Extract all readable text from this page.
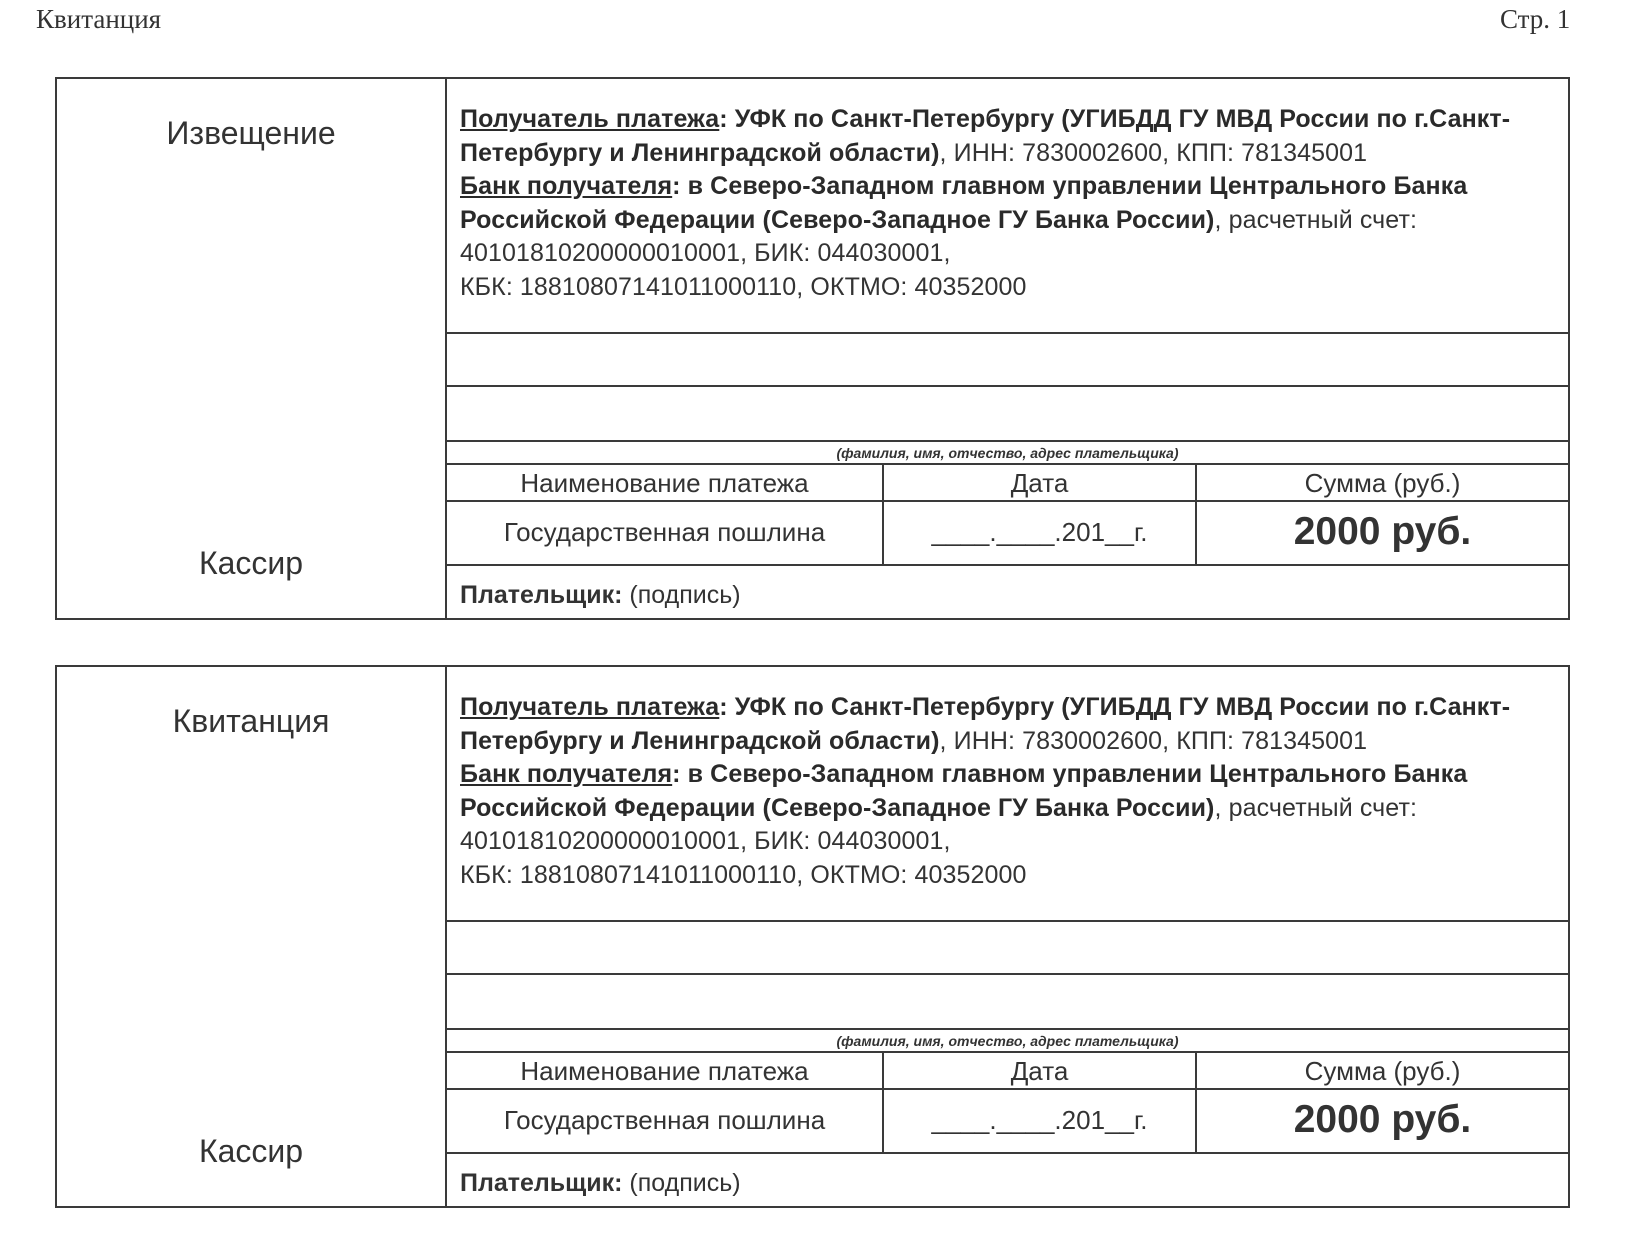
Квитанция	Стр. 1
Извещение
Кассир
Получатель платежа: УФК по Санкт-Петербургу (УГИБДД ГУ МВД России по г.Санкт-Петербургу и Ленинградской области), ИНН: 7830002600, КПП: 781345001
Банк получателя: в Северо-Западном главном управлении Центрального Банка Российской Федерации (Северо-Западное ГУ Банка России), расчетный счет:
40101810200000010001, БИК: 044030001,
КБК: 18810807141011000110, ОКТМО: 40352000
(фамилия, имя, отчество, адрес плательщика)
Наименование платежа	Дата	Сумма (руб.)
Государственная пошлина	____.____.201__г.	2000 руб.
Плательщик: (подпись)
Квитанция
Кассир
Получатель платежа: УФК по Санкт-Петербургу (УГИБДД ГУ МВД России по г.Санкт-Петербургу и Ленинградской области), ИНН: 7830002600, КПП: 781345001
Банк получателя: в Северо-Западном главном управлении Центрального Банка Российской Федерации (Северо-Западное ГУ Банка России), расчетный счет:
40101810200000010001, БИК: 044030001,
КБК: 18810807141011000110, ОКТМО: 40352000
(фамилия, имя, отчество, адрес плательщика)
Наименование платежа	Дата	Сумма (руб.)
Государственная пошлина	____.____.201__г.	2000 руб.
Плательщик: (подпись)
